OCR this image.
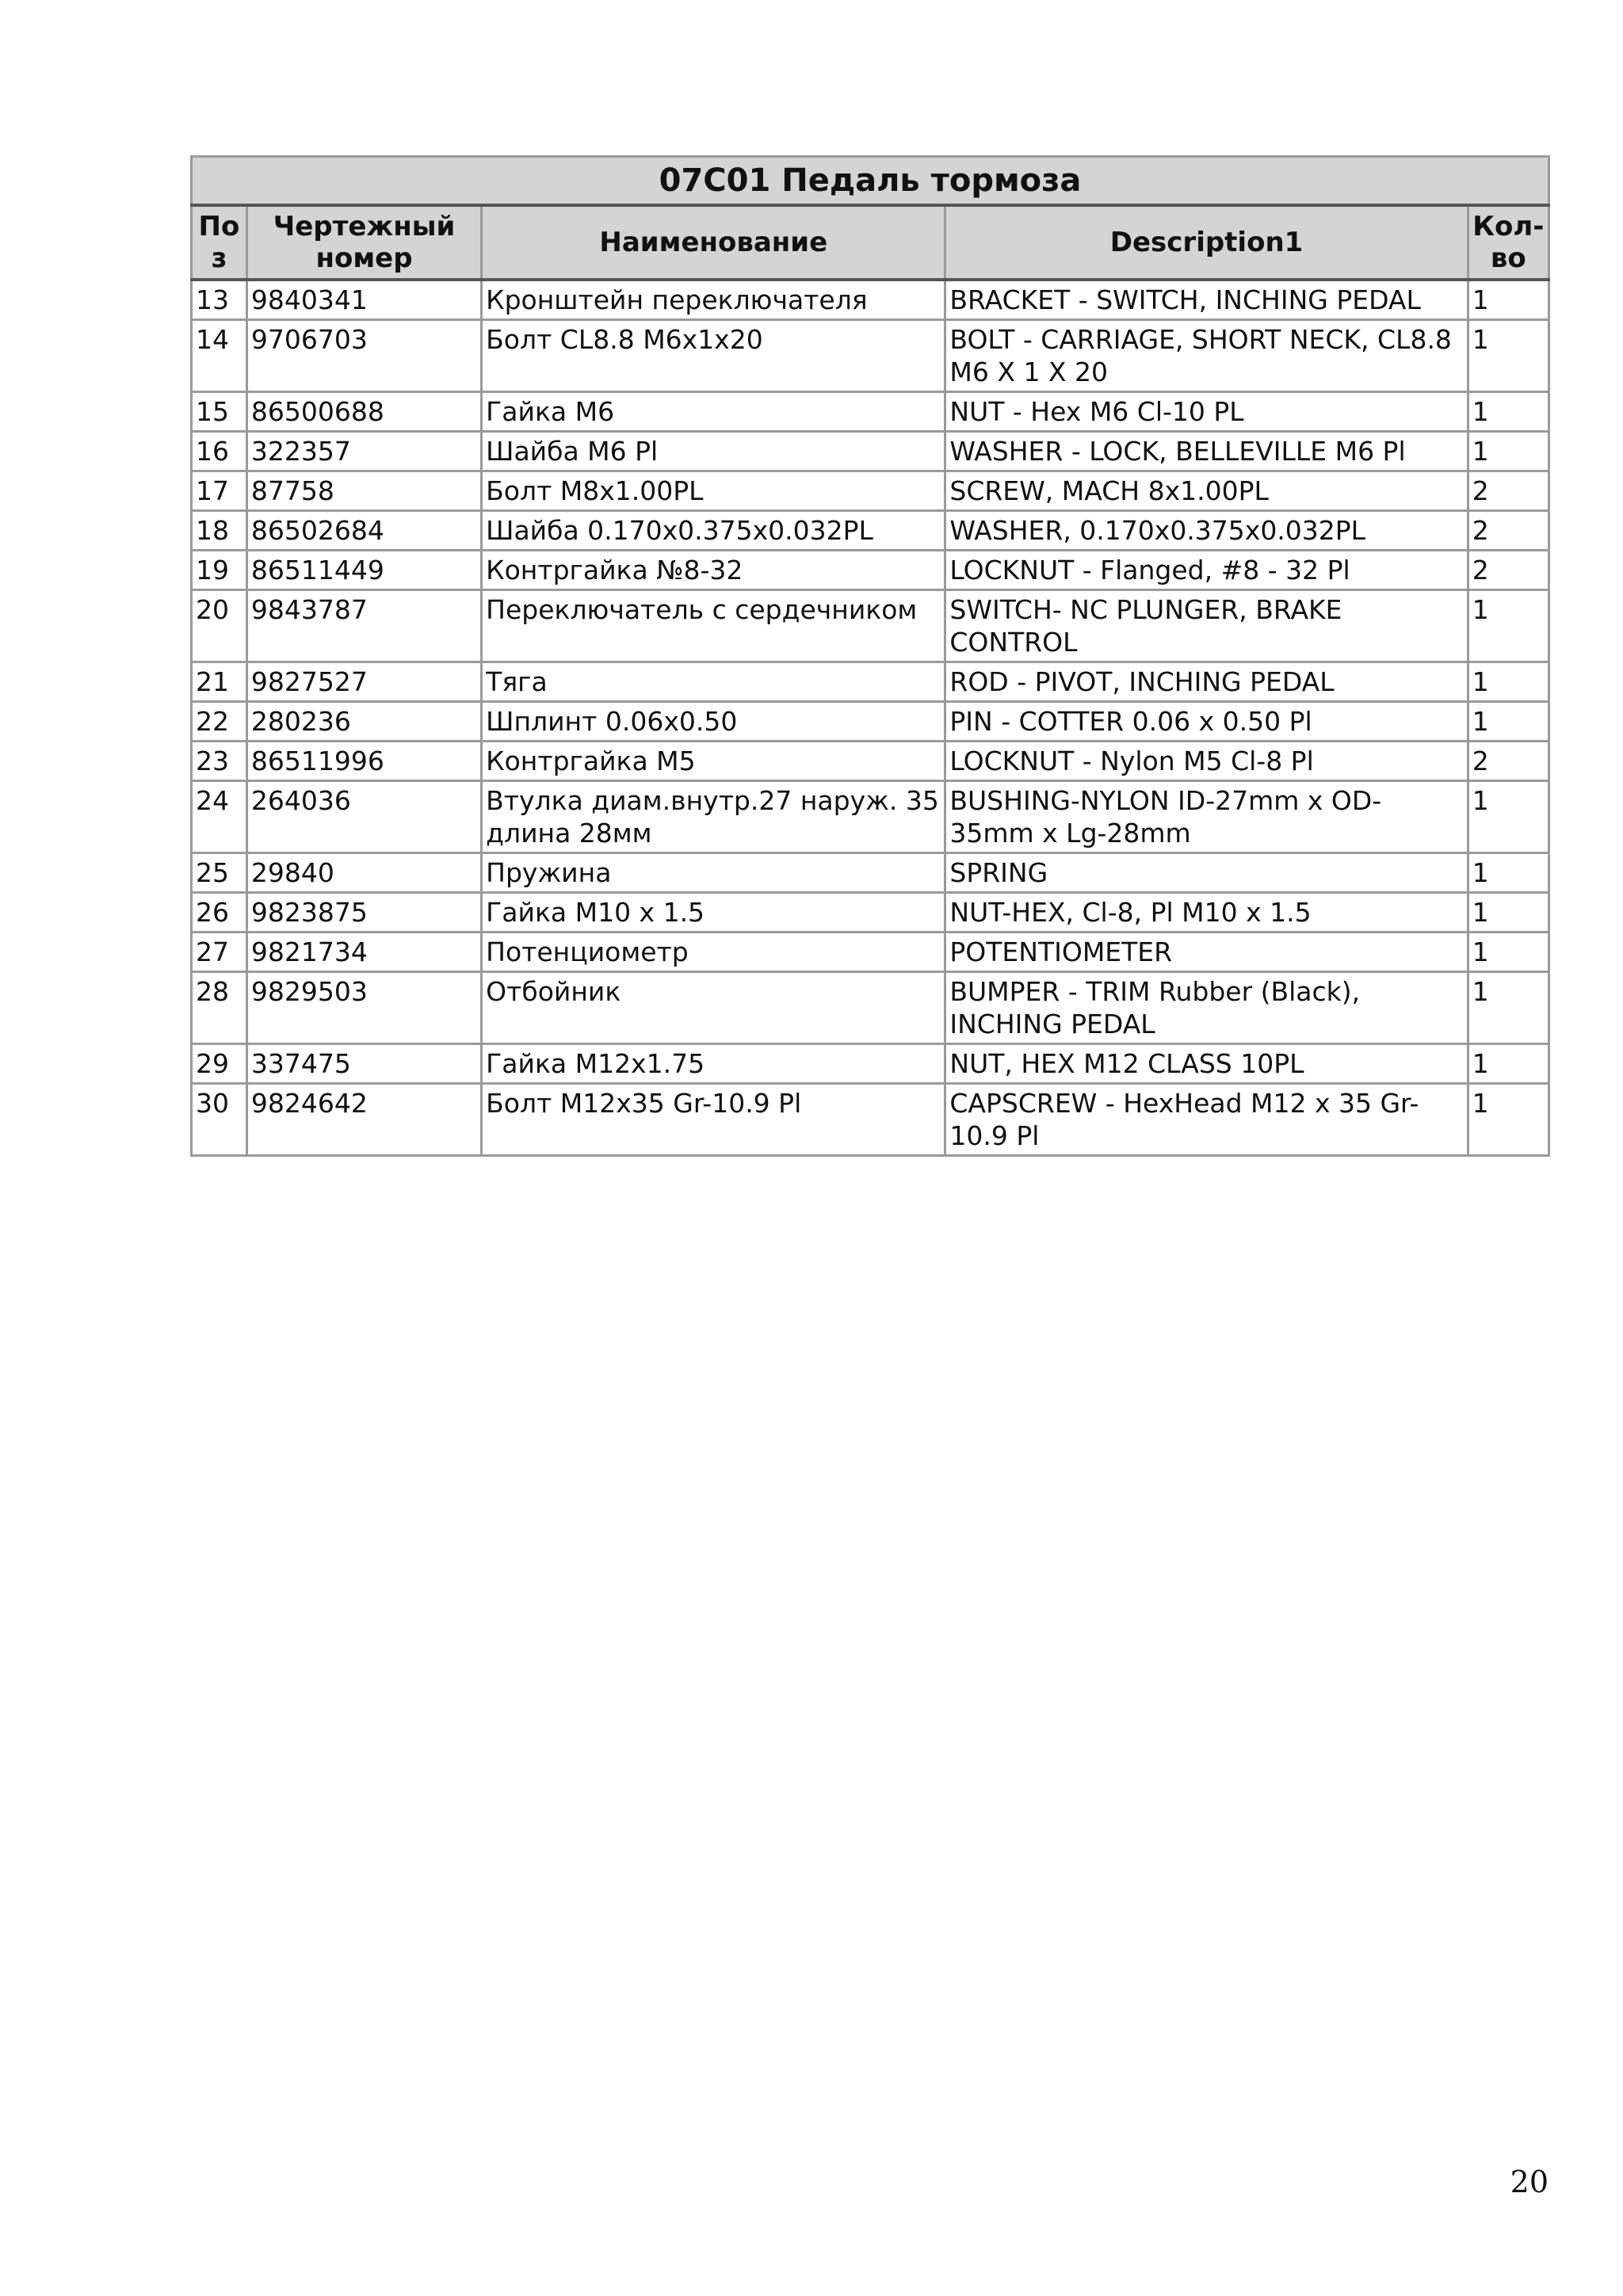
07C01 Педаль тормоза				
Поз	Чертежный номер	Наименование	Description1	Кол-во
13	9840341	Кронштейн переключателя	BRACKET - SWITCH, INCHING PEDAL	1
14	9706703	Болт CL8.8 M6x1x20	BOLT - CARRIAGE, SHORT NECK, CL8.8 M6 X 1 X 20	1
15	86500688	Гайка М6	NUT - Hex M6 Cl-10 PL	1
16	322357	Шайба M6 Pl	WASHER - LOCK, BELLEVILLE M6 Pl	1
17	87758	Болт M8x1.00PL	SCREW, MACH 8x1.00PL	2
18	86502684	Шайба 0.170x0.375x0.032PL	WASHER, 0.170x0.375x0.032PL	2
19	86511449	Контргайка №8-32	LOCKNUT - Flanged, #8 - 32 Pl	2
20	9843787	Переключатель с сердечником	SWITCH- NC PLUNGER, BRAKE CONTROL	1
21	9827527	Тяга	ROD - PIVOT, INCHING PEDAL	1
22	280236	Шплинт 0.06x0.50	PIN - COTTER 0.06 x 0.50 Pl	1
23	86511996	Контргайка M5	LOCKNUT - Nylon M5 Cl-8 Pl	2
24	264036	Втулка диам.внутр.27 наруж. 35 длина 28мм	BUSHING-NYLON ID-27mm x OD-35mm x Lg-28mm	1
25	29840	Пружина	SPRING	1
26	9823875	Гайка M10 x 1.5	NUT-HEX, Cl-8, Pl M10 x 1.5	1
27	9821734	Потенциометр	POTENTIOMETER	1
28	9829503	Отбойник	BUMPER - TRIM Rubber (Black), INCHING PEDAL	1
29	337475	Гайка M12x1.75	NUT, HEX M12 CLASS 10PL	1
30	9824642	Болт M12x35 Gr-10.9 Pl	CAPSCREW - HexHead M12 x 35 Gr-10.9 Pl	1
20
